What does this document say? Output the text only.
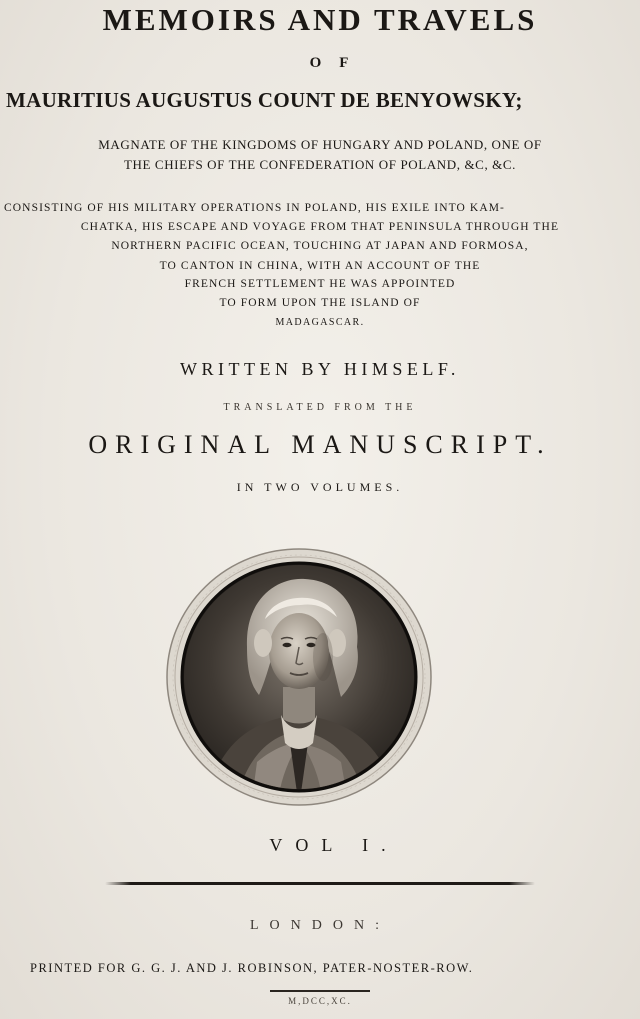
MEMOIRS AND TRAVELS
OF
MAURITIUS AUGUSTUS COUNT DE BENYOWSKY;
MAGNATE OF THE KINGDOMS OF HUNGARY AND POLAND, ONE OF
THE CHIEFS OF THE CONFEDERATION OF POLAND, &C, &C.
CONSISTING OF HIS MILITARY OPERATIONS IN POLAND, HIS EXILE INTO KAM-
CHATKA, HIS ESCAPE AND VOYAGE FROM THAT PENINSULA THROUGH THE
NORTHERN PACIFIC OCEAN, TOUCHING AT JAPAN AND FORMOSA,
TO CANTON IN CHINA, WITH AN ACCOUNT OF THE
FRENCH SETTLEMENT HE WAS APPOINTED
TO FORM UPON THE ISLAND OF
MADAGASCAR.
WRITTEN BY HIMSELF.
TRANSLATED FROM THE
ORIGINAL MANUSCRIPT.
IN TWO VOLUMES.
VOL I.
LONDON:
PRINTED FOR G. G. J. AND J. ROBINSON, PATER-NOSTER-ROW.
M,DCC,XC.
